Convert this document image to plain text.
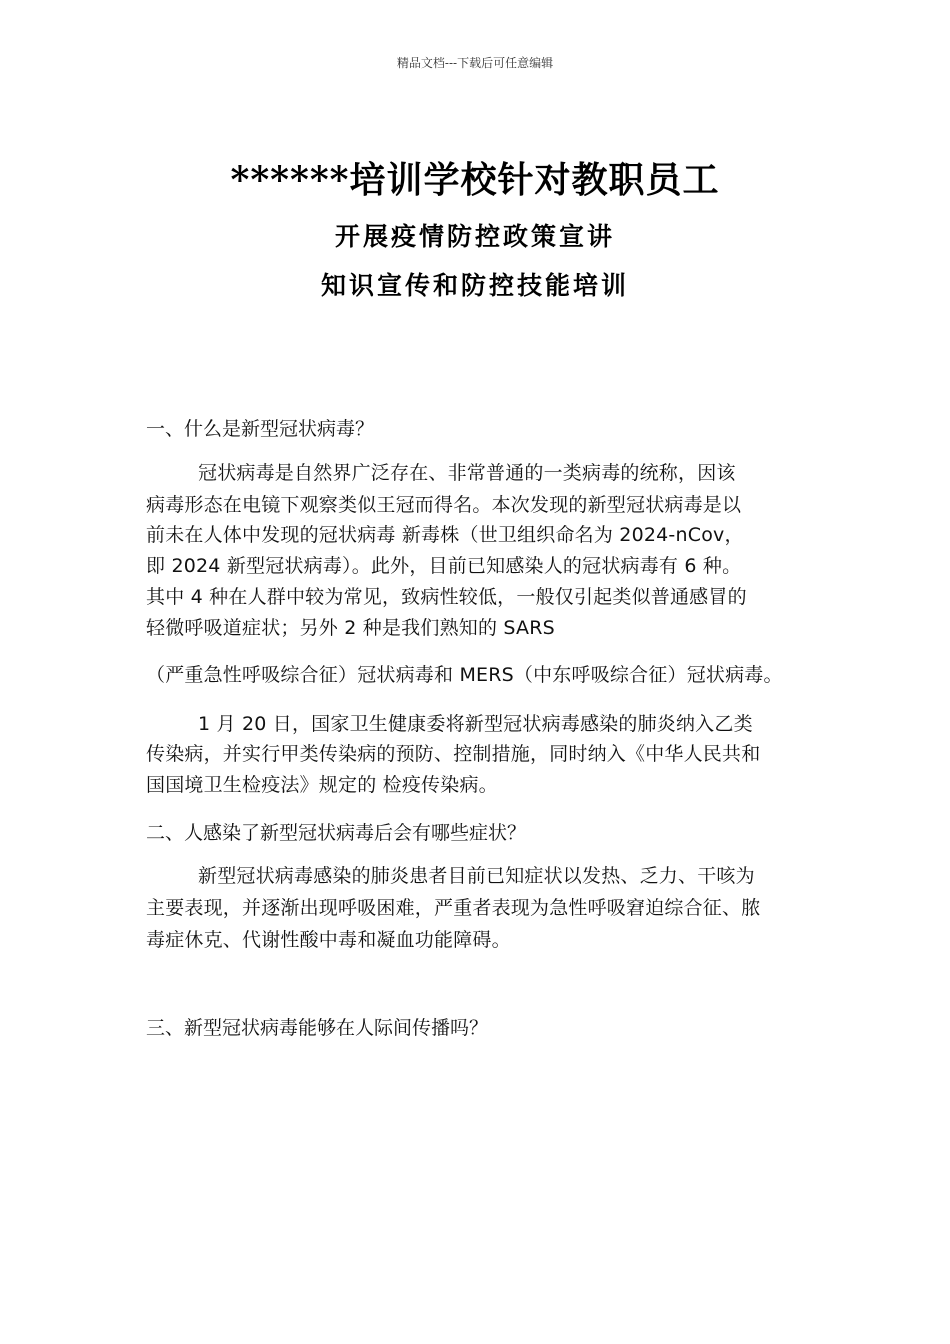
精品文档---下载后可任意编辑
******培训学校针对教职员工
开展疫情防控政策宣讲
知识宣传和防控技能培训
一、什么是新型冠状病毒？
冠状病毒是自然界广泛存在、非常普通的一类病毒的统称，因该
病毒形态在电镜下观察类似王冠而得名。本次发现的新型冠状病毒是以
前未在人体中发现的冠状病毒 新毒株（世卫组织命名为 2024-nCov，
即 2024 新型冠状病毒）。此外，目前已知感染人的冠状病毒有 6 种。
其中 4 种在人群中较为常见，致病性较低，一般仅引起类似普通感冒的
轻微呼吸道症状；另外 2 种是我们熟知的 SARS
（严重急性呼吸综合征）冠状病毒和 MERS（中东呼吸综合征）冠状病毒。
1 月 20 日，国家卫生健康委将新型冠状病毒感染的肺炎纳入乙类
传染病，并实行甲类传染病的预防、控制措施，同时纳入《中华人民共和
国国境卫生检疫法》规定的 检疫传染病。
二、人感染了新型冠状病毒后会有哪些症状？
新型冠状病毒感染的肺炎患者目前已知症状以发热、乏力、干咳为
主要表现，并逐渐出现呼吸困难，严重者表现为急性呼吸窘迫综合征、脓
毒症休克、代谢性酸中毒和凝血功能障碍。
三、新型冠状病毒能够在人际间传播吗？
